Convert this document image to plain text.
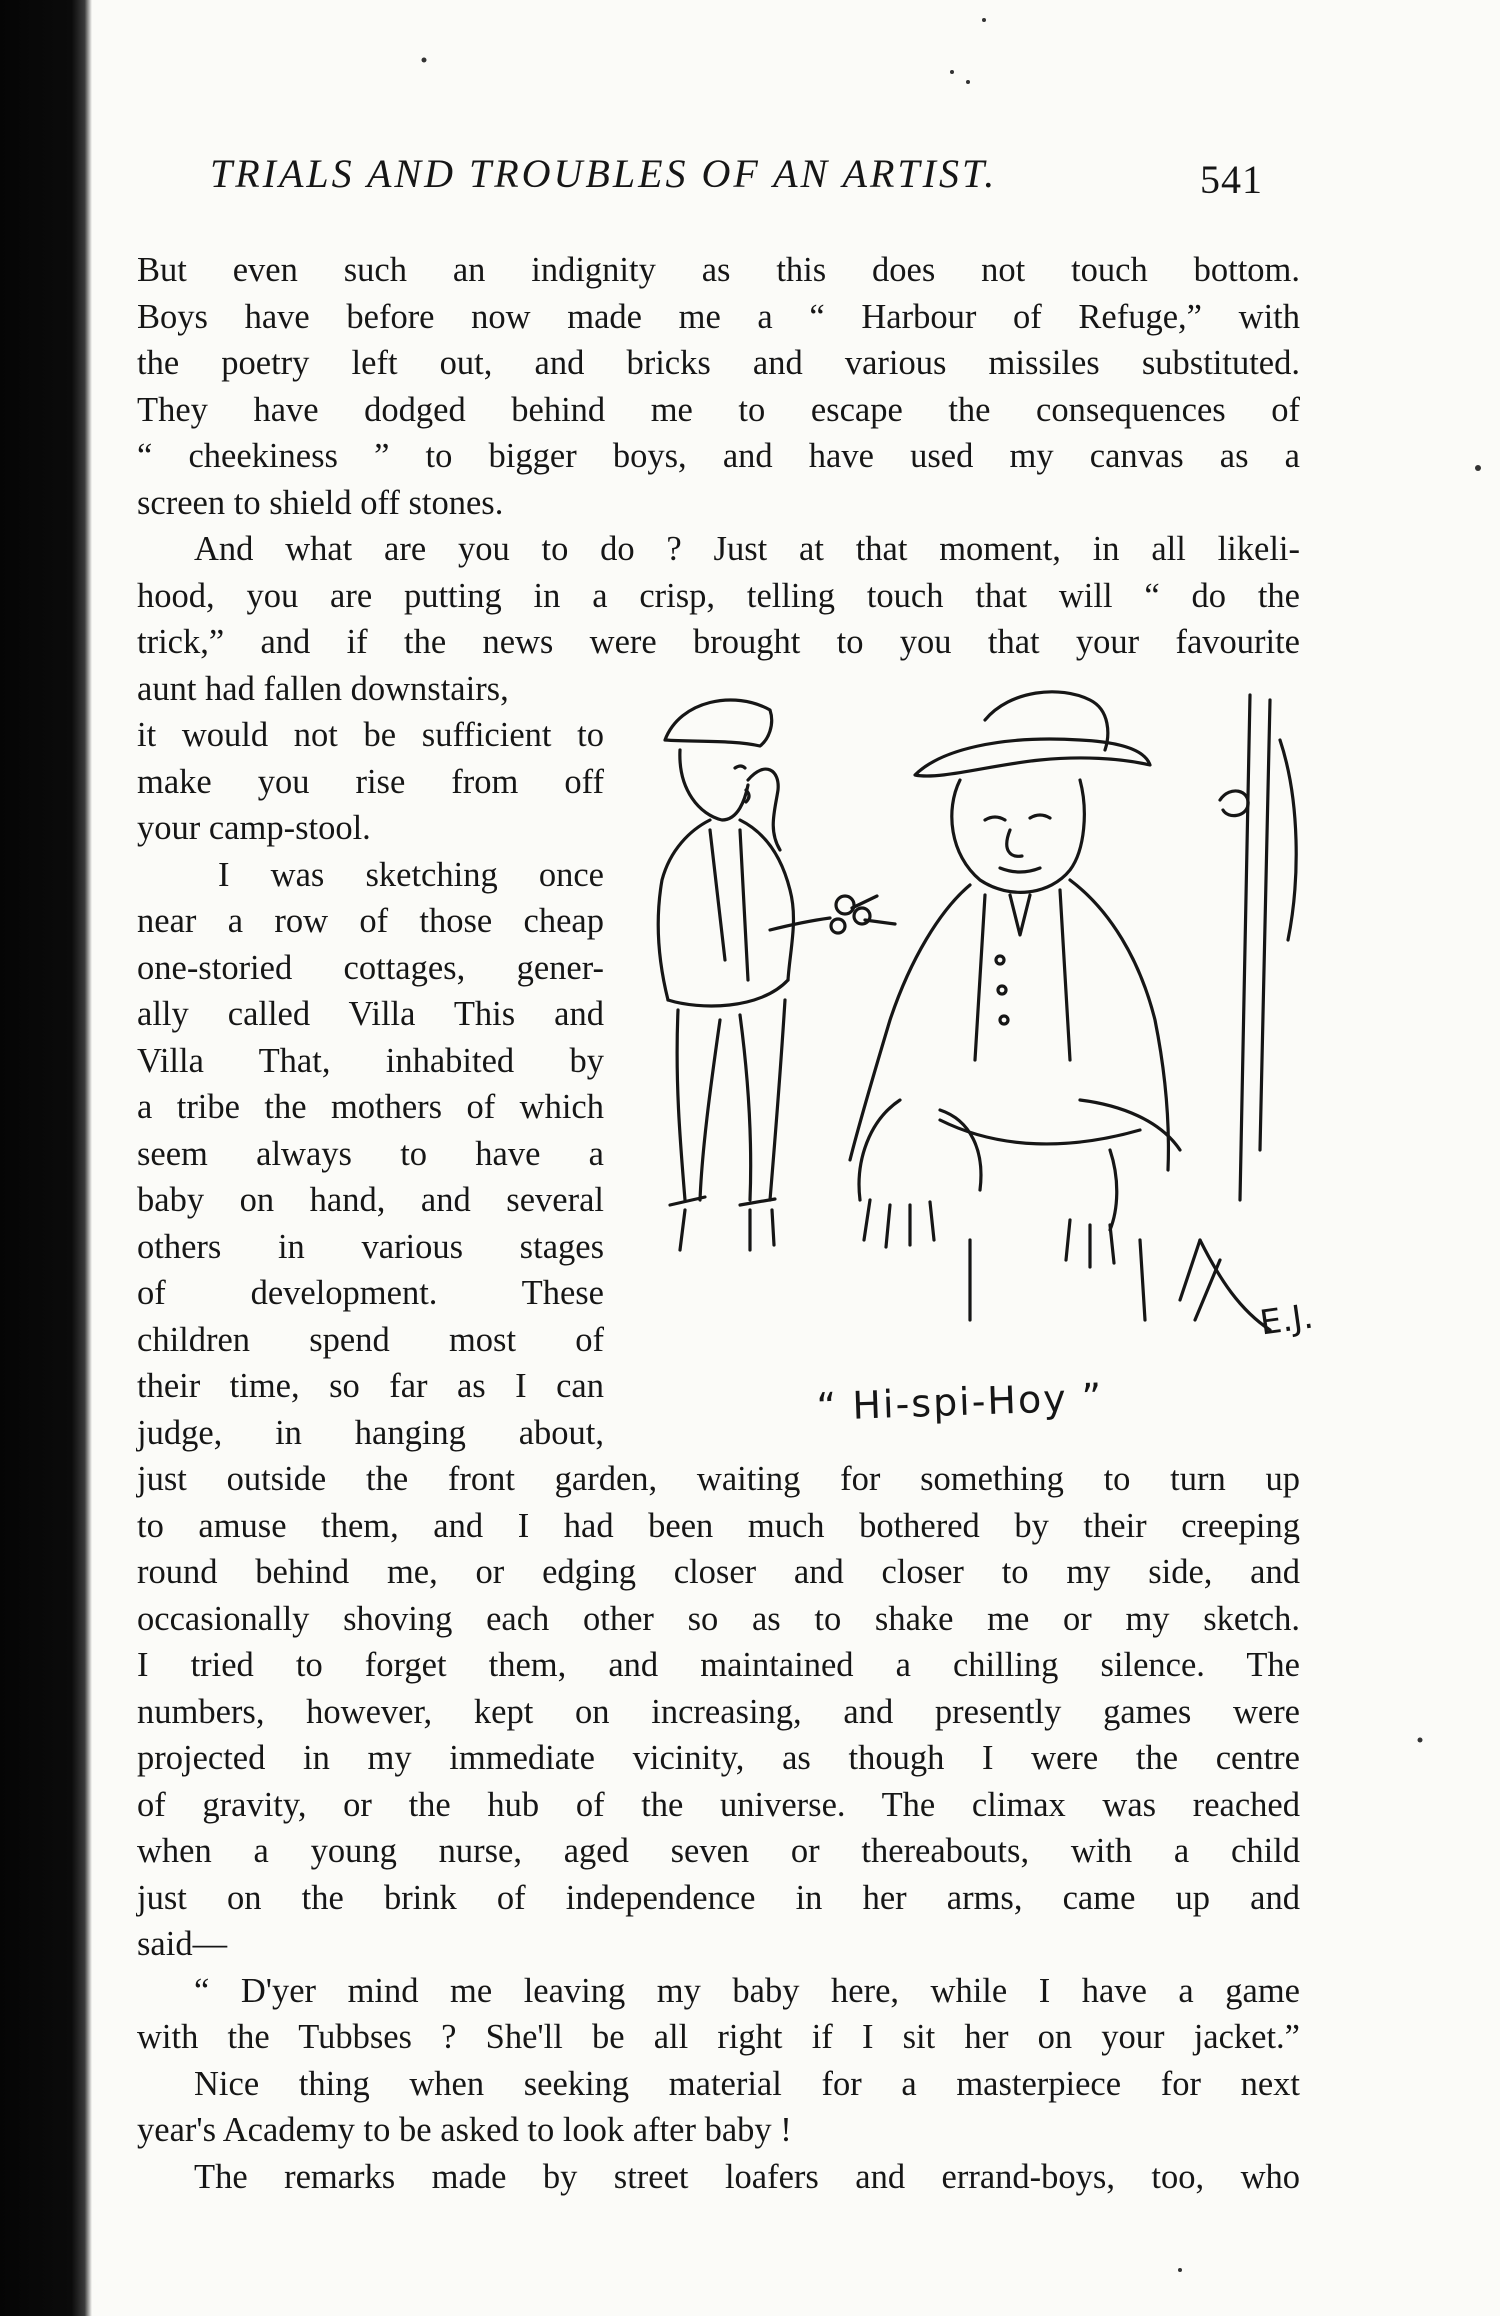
TRIALS AND TROUBLES OF AN ARTIST.	541
But even such an indignity as this does not touch bottom.
Boys have before now made me a “ Harbour of Refuge,” with
the poetry left out, and bricks and various missiles substituted.
They have dodged behind me to escape the consequences of
“ cheekiness ” to bigger boys, and have used my canvas as a
screen to shield off stones.
And what are you to do ? Just at that moment, in all likeli-
hood, you are putting in a crisp, telling touch that will “ do the
trick,” and if the news were brought to you that your favourite
aunt had fallen downstairs,
it would not be sufficient to
make you rise from off
your camp-stool.
I was sketching once
near a row of those cheap
one-storied cottages, gener-
ally called Villa This and
Villa That, inhabited by
a tribe the mothers of which
seem always to have a
baby on hand, and several
others in various stages
of development. These
children spend most of
their time, so far as I can
judge, in hanging about,
just outside the front garden, waiting for something to turn up
to amuse them, and I had been much bothered by their creeping
round behind me, or edging closer and closer to my side, and
occasionally shoving each other so as to shake me or my sketch.
I tried to forget them, and maintained a chilling silence. The
numbers, however, kept on increasing, and presently games were
projected in my immediate vicinity, as though I were the centre
of gravity, or the hub of the universe. The climax was reached
when a young nurse, aged seven or thereabouts, with a child
just on the brink of independence in her arms, came up and
said—
“ D'yer mind me leaving my baby here, while I have a game
with the Tubbses ? She'll be all right if I sit her on your jacket.”
Nice thing when seeking material for a masterpiece for next
year's Academy to be asked to look after baby !
The remarks made by street loafers and errand-boys, too, who
E.J.
“ Hi-spi-Hoy ”
